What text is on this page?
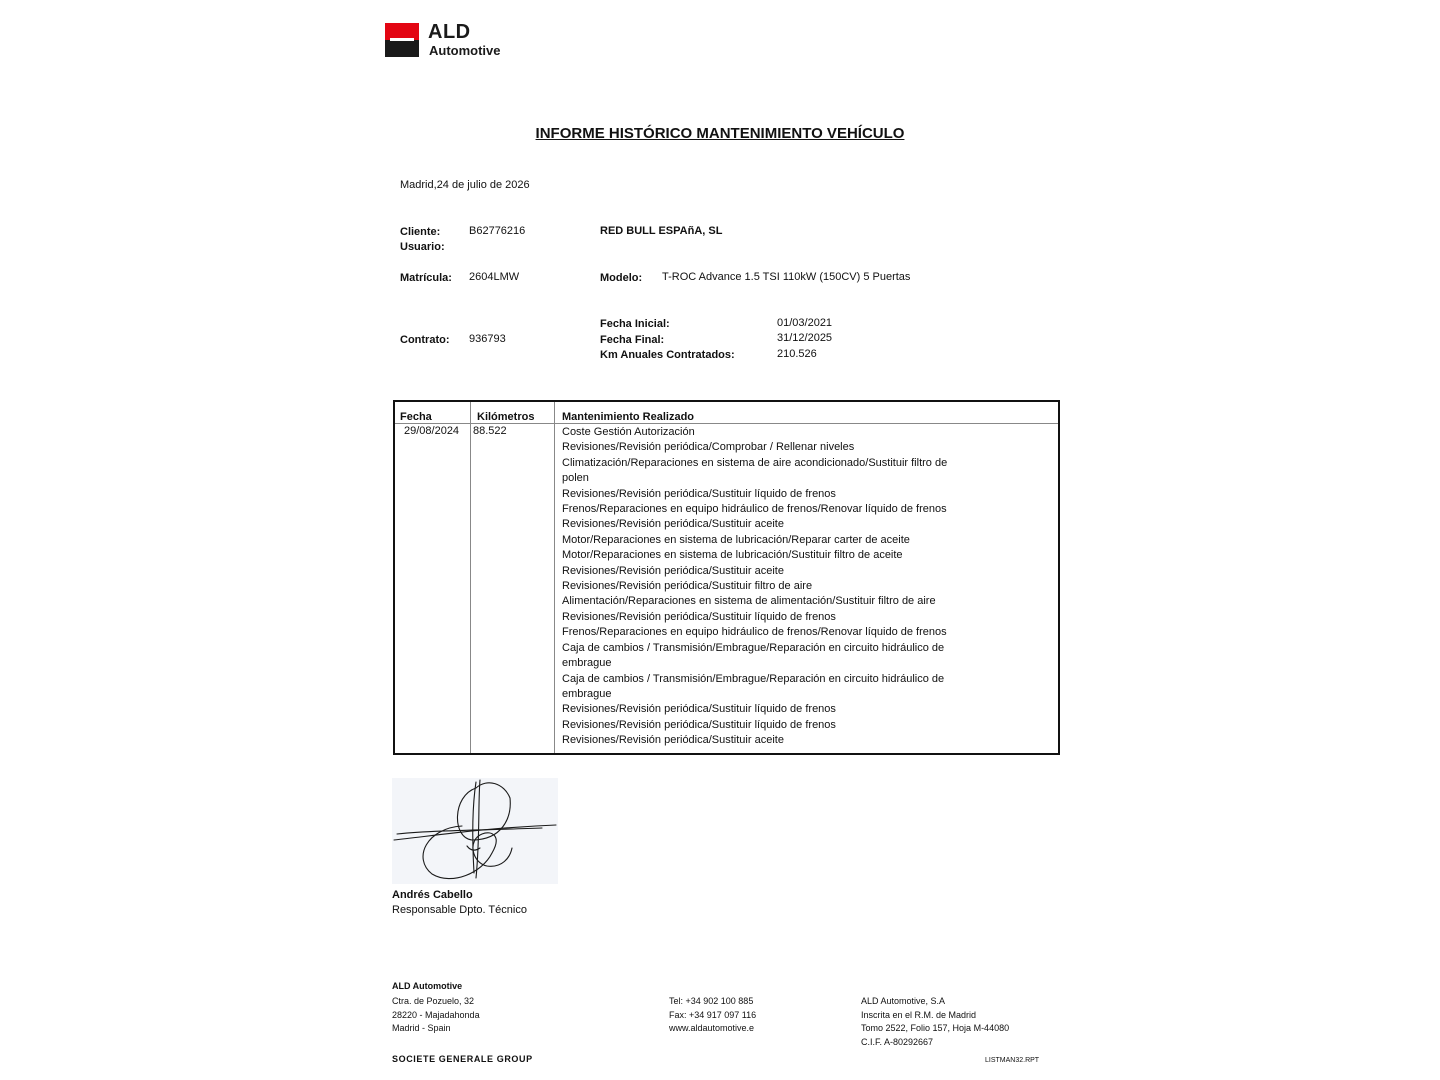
ALD
Automotive
INFORME HISTÓRICO MANTENIMIENTO VEHÍCULO
Madrid,24 de julio de 2026
Cliente:	B62776216	RED BULL ESPAñA, SL
Usuario:
Matrícula: 2604LMW	Modelo: T-ROC Advance 1.5 TSI 110kW (150CV) 5 Puertas
Contrato: 936793
Fecha Inicial:	01/03/2021
Fecha Final:	31/12/2025
Km Anuales Contratados:	210.526
Fecha	Kilómetros	Mantenimiento Realizado
29/08/2024 88.522	Coste Gestión Autorización
Revisiones/Revisión periódica/Comprobar / Rellenar niveles
Climatización/Reparaciones en sistema de aire acondicionado/Sustituir filtro de
polen
Revisiones/Revisión periódica/Sustituir líquido de frenos
Frenos/Reparaciones en equipo hidráulico de frenos/Renovar líquido de frenos
Revisiones/Revisión periódica/Sustituir aceite
Motor/Reparaciones en sistema de lubricación/Reparar carter de aceite
Motor/Reparaciones en sistema de lubricación/Sustituir filtro de aceite
Revisiones/Revisión periódica/Sustituir aceite
Revisiones/Revisión periódica/Sustituir filtro de aire
Alimentación/Reparaciones en sistema de alimentación/Sustituir filtro de aire
Revisiones/Revisión periódica/Sustituir líquido de frenos
Frenos/Reparaciones en equipo hidráulico de frenos/Renovar líquido de frenos
Caja de cambios / Transmisión/Embrague/Reparación en circuito hidráulico de
embrague
Caja de cambios / Transmisión/Embrague/Reparación en circuito hidráulico de
embrague
Revisiones/Revisión periódica/Sustituir líquido de frenos
Revisiones/Revisión periódica/Sustituir líquido de frenos
Revisiones/Revisión periódica/Sustituir aceite
Andrés Cabello
Responsable Dpto. Técnico
ALD Automotive
Ctra. de Pozuelo, 32
28220 - Majadahonda
Madrid - Spain
Tel: +34 902 100 885
Fax: +34 917 097 116
www.aldautomotive.e
ALD Automotive, S.A
Inscrita en el R.M. de Madrid
Tomo 2522, Folio 157, Hoja M-44080
C.I.F. A-80292667
SOCIETE GENERALE GROUP	LISTMAN32.RPT
